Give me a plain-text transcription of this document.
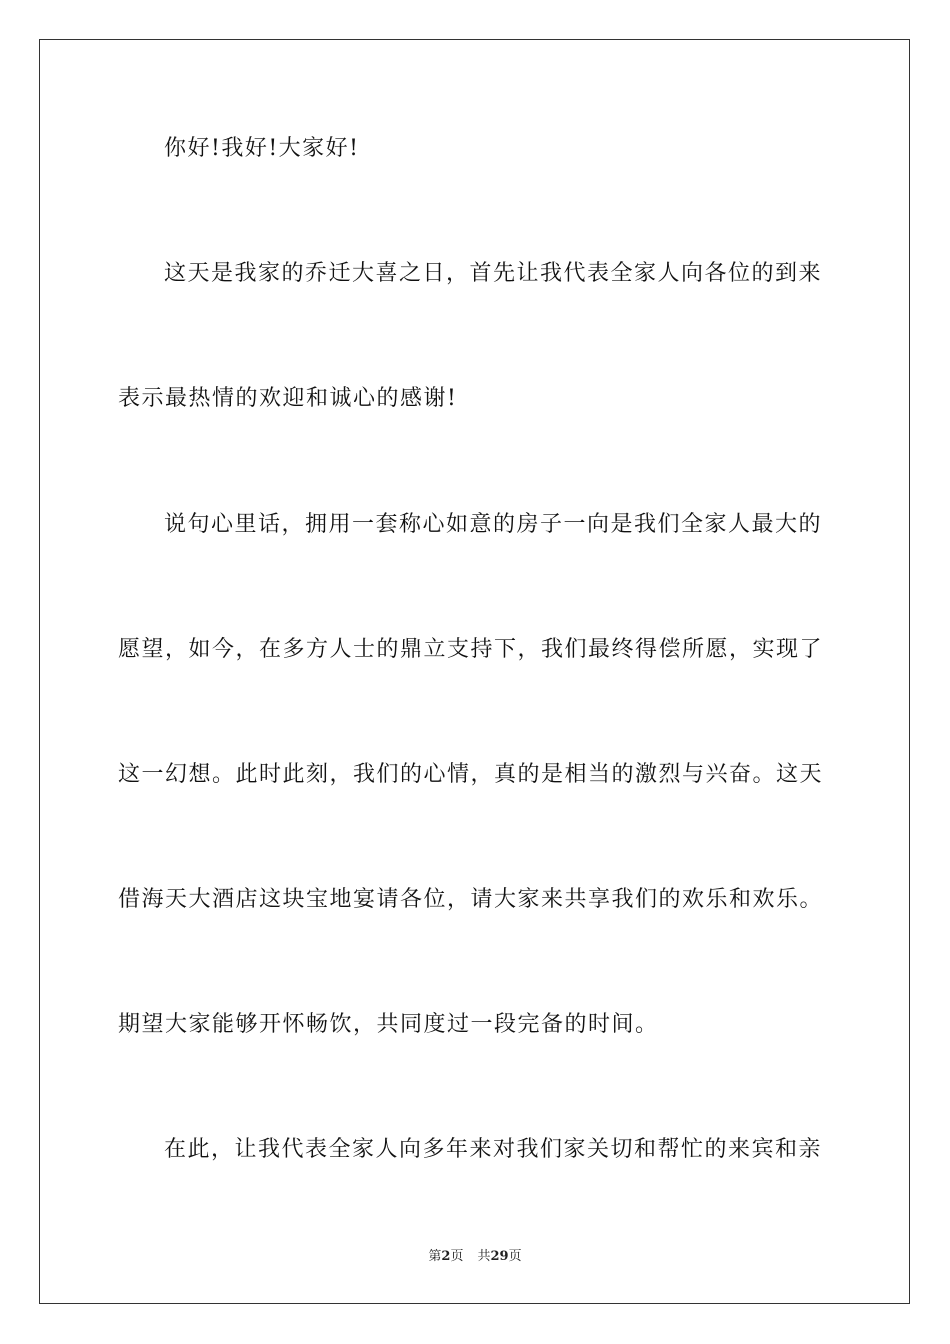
你好!我好!大家好!
这天是我家的乔迁大喜之日，首先让我代表全家人向各位的到来
表示最热情的欢迎和诚心的感谢!
说句心里话，拥用一套称心如意的房子一向是我们全家人最大的
愿望，如今，在多方人士的鼎立支持下，我们最终得偿所愿，实现了
这一幻想。此时此刻，我们的心情，真的是相当的激烈与兴奋。这天
借海天大酒店这块宝地宴请各位，请大家来共享我们的欢乐和欢乐。
期望大家能够开怀畅饮，共同度过一段完备的时间。
在此，让我代表全家人向多年来对我们家关切和帮忙的来宾和亲
第2页 共29页
